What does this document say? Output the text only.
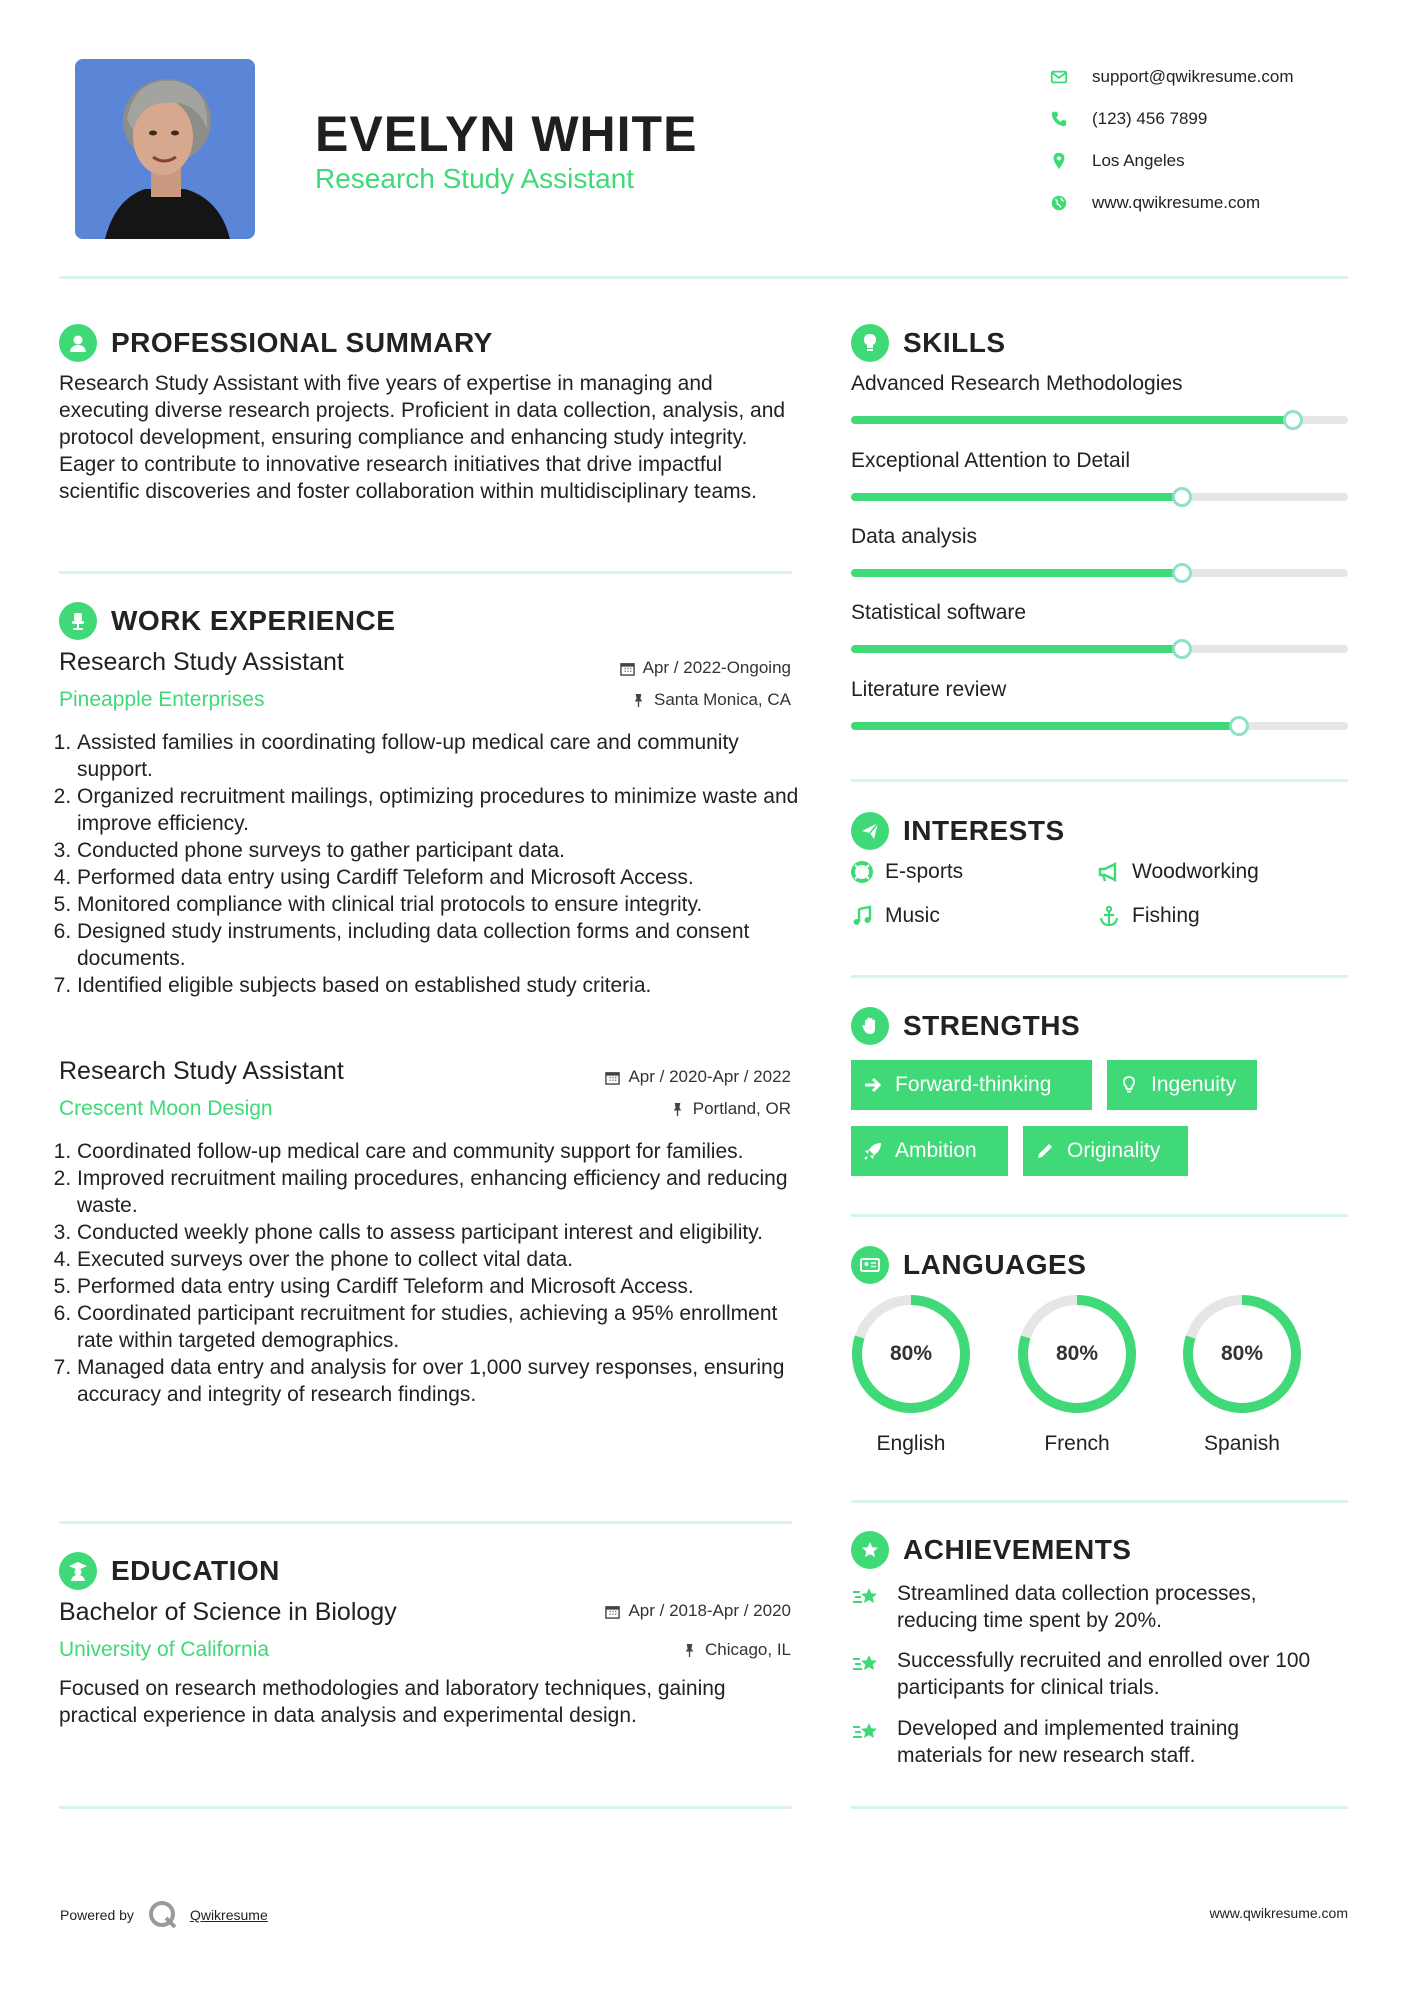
EVELYN WHITE
Research Study Assistant
support@qwikresume.com
(123) 456 7899
Los Angeles
www.qwikresume.com
PROFESSIONAL SUMMARY
Research Study Assistant with five years of expertise in managing and executing diverse research projects. Proficient in data collection, analysis, and protocol development, ensuring compliance and enhancing study integrity. Eager to contribute to innovative research initiatives that drive impactful scientific discoveries and foster collaboration within multidisciplinary teams.
WORK EXPERIENCE
Research Study Assistant
Pineapple Enterprises
Apr / 2022-Ongoing
Santa Monica, CA
1. Assisted families in coordinating follow-up medical care and community support.
2. Organized recruitment mailings, optimizing procedures to minimize waste and improve efficiency.
3. Conducted phone surveys to gather participant data.
4. Performed data entry using Cardiff Teleform and Microsoft Access.
5. Monitored compliance with clinical trial protocols to ensure integrity.
6. Designed study instruments, including data collection forms and consent documents.
7. Identified eligible subjects based on established study criteria.
Research Study Assistant
Crescent Moon Design
Apr / 2020-Apr / 2022
Portland, OR
1. Coordinated follow-up medical care and community support for families.
2. Improved recruitment mailing procedures, enhancing efficiency and reducing waste.
3. Conducted weekly phone calls to assess participant interest and eligibility.
4. Executed surveys over the phone to collect vital data.
5. Performed data entry using Cardiff Teleform and Microsoft Access.
6. Coordinated participant recruitment for studies, achieving a 95% enrollment rate within targeted demographics.
7. Managed data entry and analysis for over 1,000 survey responses, ensuring accuracy and integrity of research findings.
EDUCATION
Bachelor of Science in Biology
University of California
Apr / 2018-Apr / 2020
Chicago, IL
Focused on research methodologies and laboratory techniques, gaining practical experience in data analysis and experimental design.
SKILLS
Advanced Research Methodologies
Exceptional Attention to Detail
Data analysis
Statistical software
Literature review
INTERESTS
E-sports	Woodworking
Music	Fishing
STRENGTHS
Forward-thinking	Ingenuity
Ambition	Originality
LANGUAGES
80%
English
80%
French
80%
Spanish
ACHIEVEMENTS
Streamlined data collection processes, reducing time spent by 20%.
Successfully recruited and enrolled over 100 participants for clinical trials.
Developed and implemented training materials for new research staff.
Powered by	Qwikresume	www.qwikresume.com
